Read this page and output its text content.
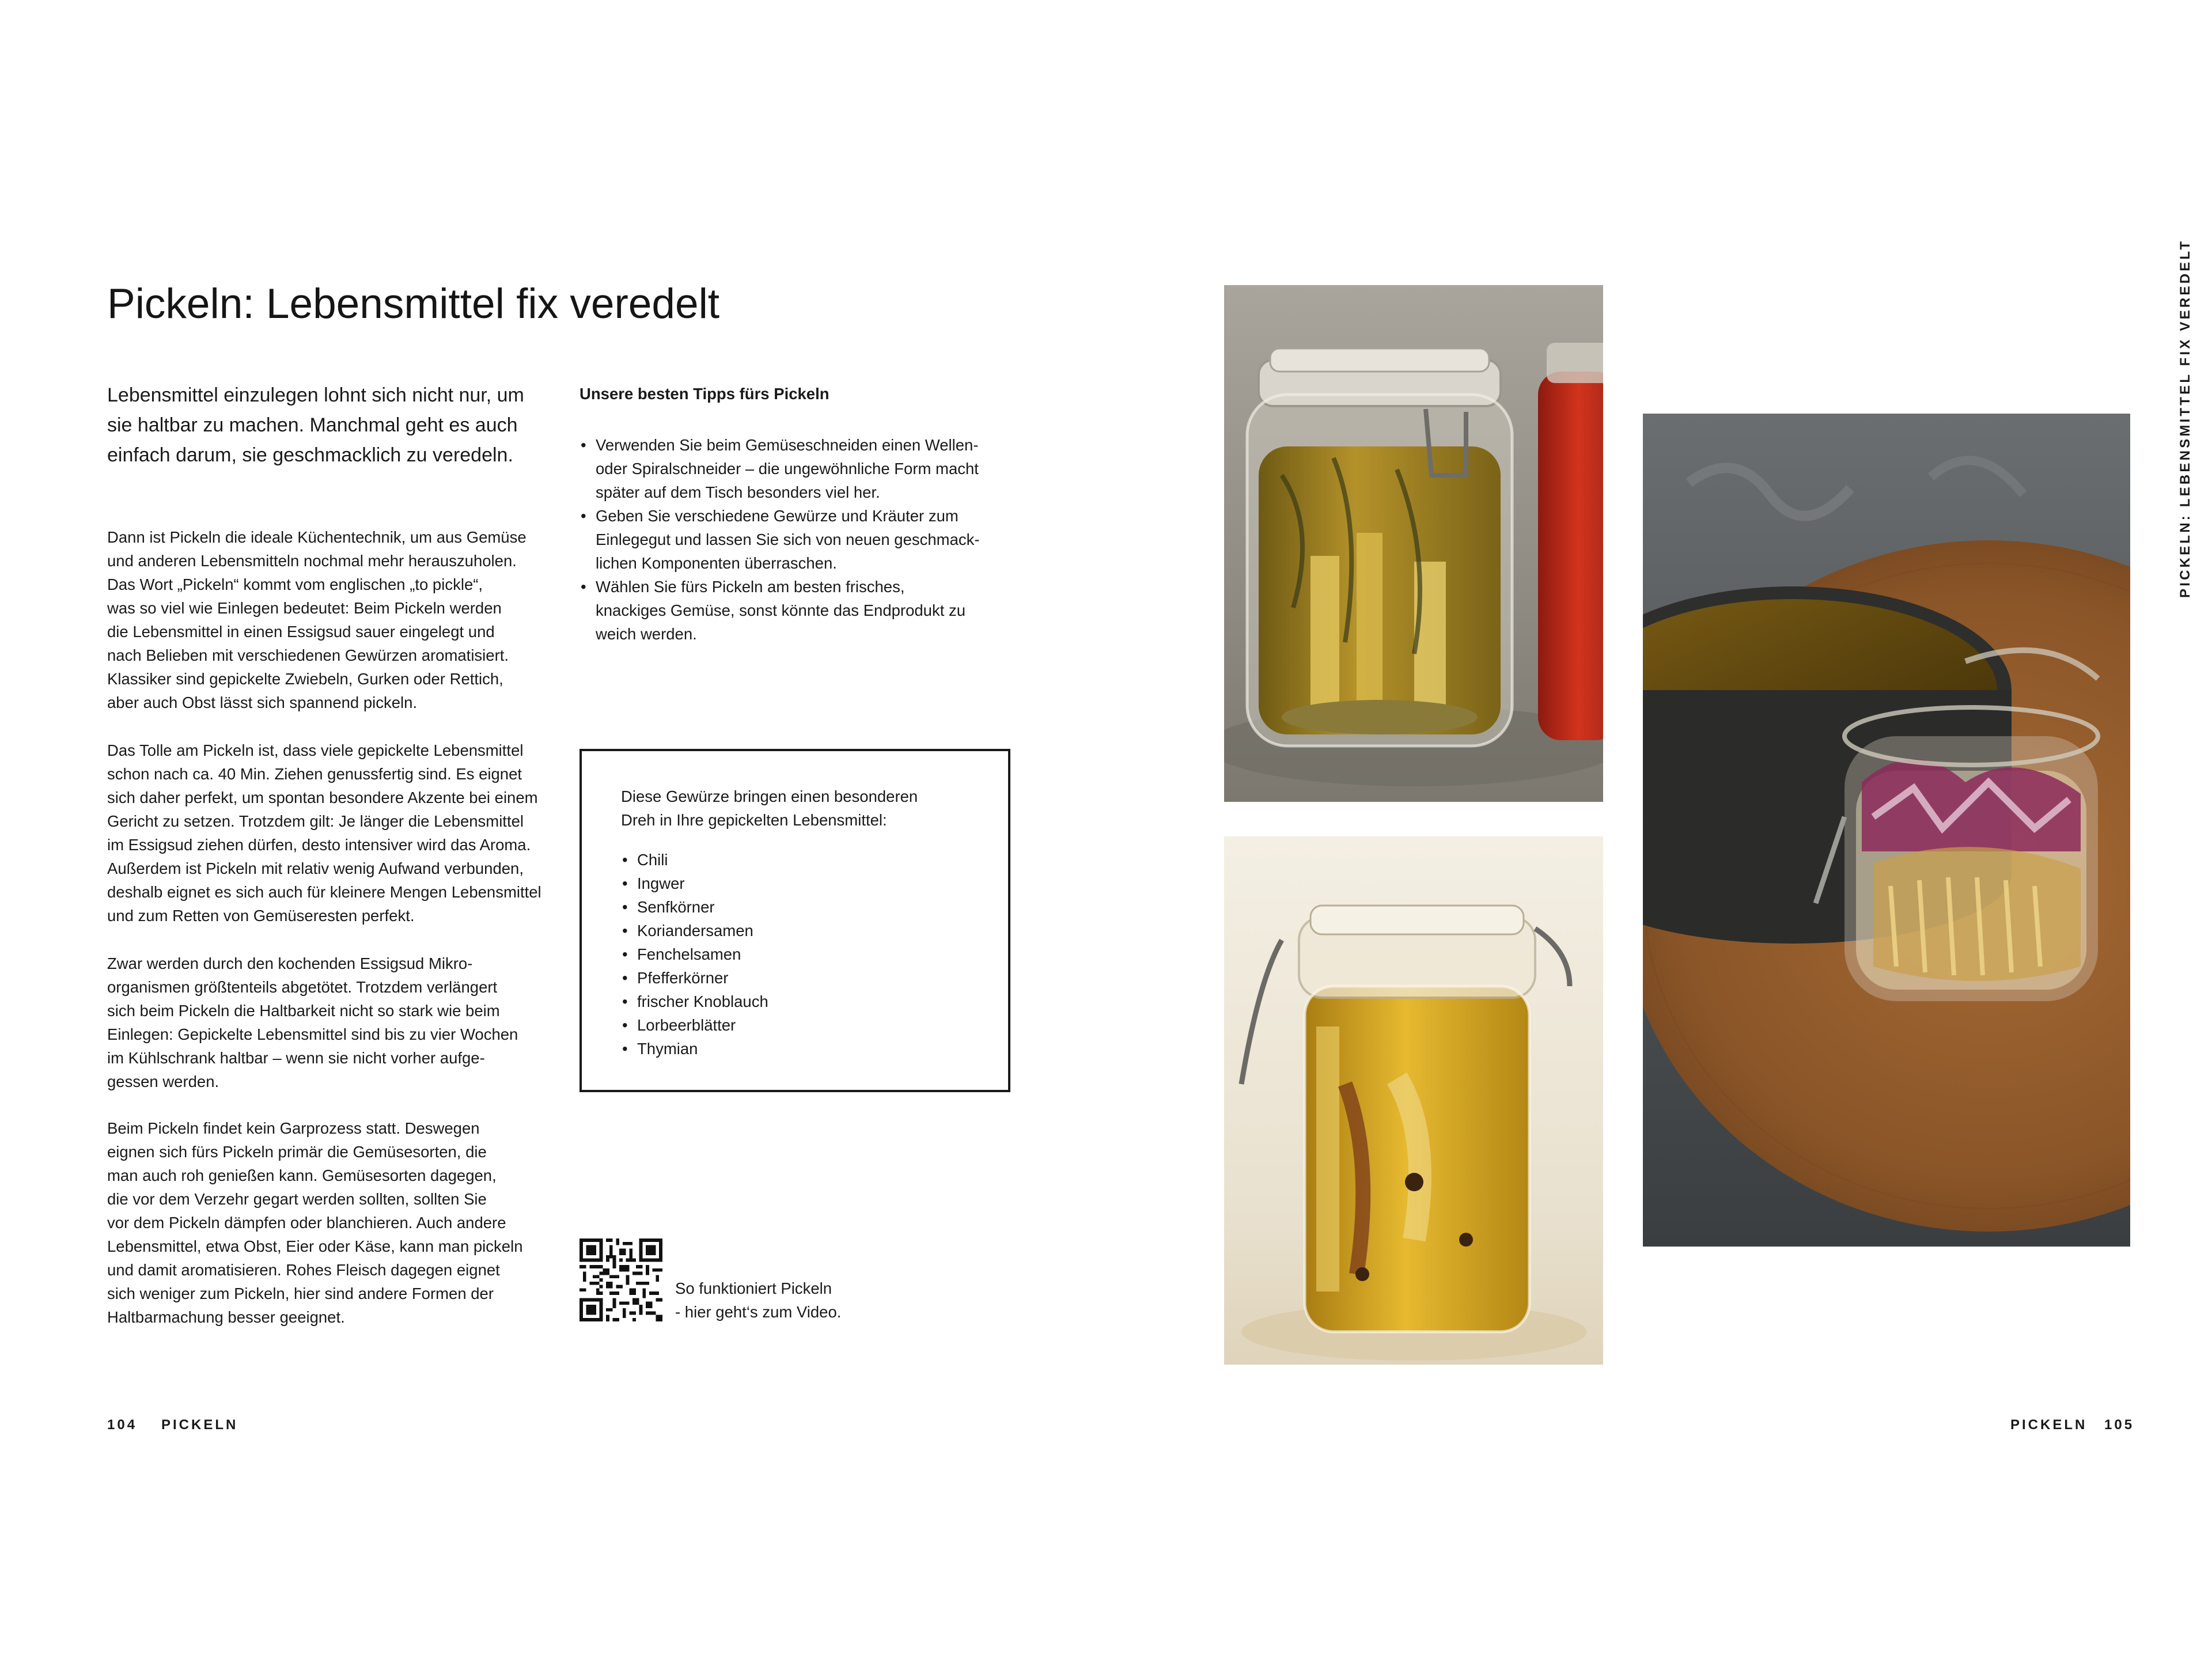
Pickeln: Lebensmittel fix veredelt
Lebensmittel einzulegen lohnt sich nicht nur, um
sie haltbar zu machen. Manchmal geht es auch
einfach darum, sie geschmacklich zu veredeln.
Dann ist Pickeln die ideale Küchentechnik, um aus Gemüse
und anderen Lebensmitteln nochmal mehr herauszuholen.
Das Wort „Pickeln“ kommt vom englischen „to pickle“,
was so viel wie Einlegen bedeutet: Beim Pickeln werden
die Lebensmittel in einen Essigsud sauer eingelegt und
nach Belieben mit verschiedenen Gewürzen aromatisiert.
Klassiker sind gepickelte Zwiebeln, Gurken oder Rettich,
aber auch Obst lässt sich spannend pickeln.
Das Tolle am Pickeln ist, dass viele gepickelte Lebensmittel
schon nach ca. 40 Min. Ziehen genussfertig sind. Es eignet
sich daher perfekt, um spontan besondere Akzente bei einem
Gericht zu setzen. Trotzdem gilt: Je länger die Lebensmittel
im Essigsud ziehen dürfen, desto intensiver wird das Aroma.
Außerdem ist Pickeln mit relativ wenig Aufwand verbunden,
deshalb eignet es sich auch für kleinere Mengen Lebensmittel
und zum Retten von Gemüseresten perfekt.
Zwar werden durch den kochenden Essigsud Mikro-
organismen größtenteils abgetötet. Trotzdem verlängert
sich beim Pickeln die Haltbarkeit nicht so stark wie beim
Einlegen: Gepickelte Lebensmittel sind bis zu vier Wochen
im Kühlschrank haltbar – wenn sie nicht vorher aufge-
gessen werden.
Beim Pickeln findet kein Garprozess statt. Deswegen
eignen sich fürs Pickeln primär die Gemüsesorten, die
man auch roh genießen kann. Gemüsesorten dagegen,
die vor dem Verzehr gegart werden sollten, sollten Sie
vor dem Pickeln dämpfen oder blanchieren. Auch andere
Lebensmittel, etwa Obst, Eier oder Käse, kann man pickeln
und damit aromatisieren. Rohes Fleisch dagegen eignet
sich weniger zum Pickeln, hier sind andere Formen der
Haltbarmachung besser geeignet.
Unsere besten Tipps fürs Pickeln
• Verwenden Sie beim Gemüseschneiden einen Wellen-
oder Spiralschneider – die ungewöhnliche Form macht
später auf dem Tisch besonders viel her.
• Geben Sie verschiedene Gewürze und Kräuter zum
Einlegegut und lassen Sie sich von neuen geschmack-
lichen Komponenten überraschen.
• Wählen Sie fürs Pickeln am besten frisches,
knackiges Gemüse, sonst könnte das Endprodukt zu
weich werden.
Diese Gewürze bringen einen besonderen
Dreh in Ihre gepickelten Lebensmittel:
• Chili
• Ingwer
• Senfkörner
• Koriandersamen
• Fenchelsamen
• Pfefferkörner
• frischer Knoblauch
• Lorbeerblätter
• Thymian
So funktioniert Pickeln
- hier geht‘s zum Video.
104 PICKELN	PICKELN 105
PICKELN: LEBENSMITTEL FIX VEREDELT
